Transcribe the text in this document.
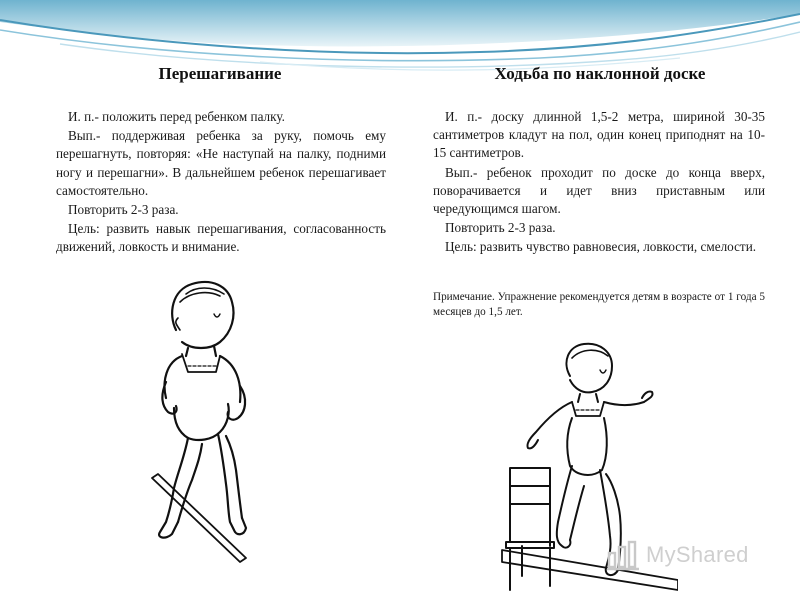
Перешагивание

И. п.- положить перед ребенком палку.

Вып.- поддерживая ребенка за руку, помочь ему перешагнуть, повторяя: «Не наступай на палку, подними ногу и перешагни». В дальнейшем ребенок перешагивает самостоятельно.

Повторить 2-3 раза.

Цель: развить навык перешагивания, согласованность движений, ловкость и внимание.

Ходьба по наклонной доске

И. п.- доску длинной 1,5-2 метра, шириной 30-35 сантиметров кладут на пол, один конец приподнят на 10-15 сантиметров.

Вып.- ребенок проходит по доске до конца вверх, поворачивается и идет вниз приставным или чередующимся шагом.

Повторить 2-3 раза.

Цель: развить чувство равновесия, ловкости, смелости.

Примечание. Упражнение рекомендуется детям в возрасте от 1 года 5 месяцев до 1,5 лет.
MyShared
